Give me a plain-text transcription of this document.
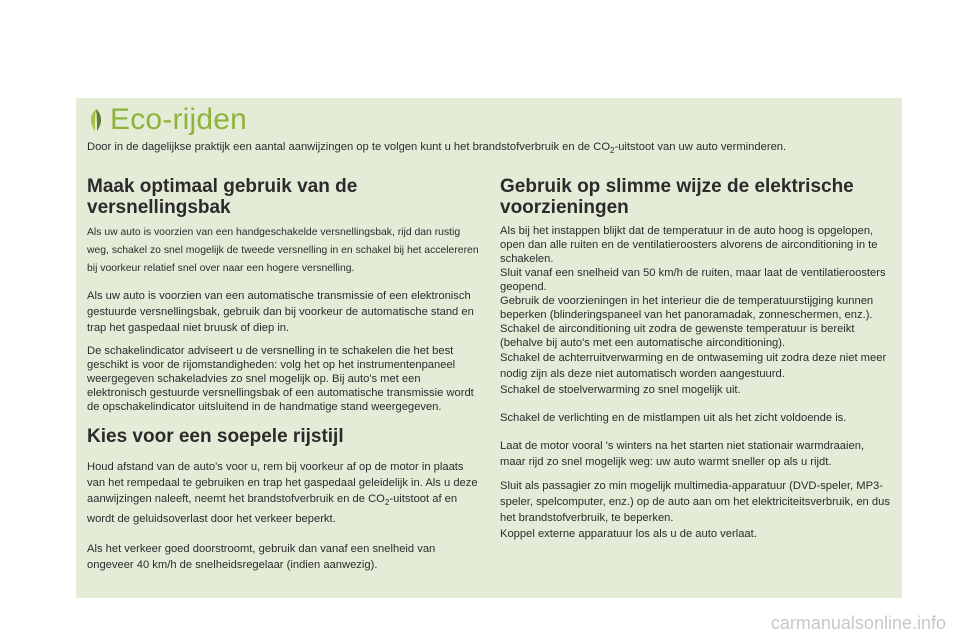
Eco-rijden

Door in de dagelijkse praktijk een aantal aanwijzingen op te volgen kunt u het brandstofverbruik en de $CO_2$-uitstoot van uw auto verminderen.

Maak optimaal gebruik van de versnellingsbak

Als uw auto is voorzien van een handgeschakelde versnellingsbak, rijd dan rustig weg, schakel zo snel mogelijk de tweede versnelling in en schakel bij het accelereren bij voorkeur relatief snel over naar een hogere versnelling.

Als uw auto is voorzien van een automatische transmissie of een elektronisch gestuurde versnellingsbak, gebruik dan bij voorkeur de automatische stand en trap het gaspedaal niet bruusk of diep in.

De schakelindicator adviseert u de versnelling in te schakelen die het best geschikt is voor de rijomstandigheden: volg het op het instrumentenpaneel weergegeven schakeladvies zo snel mogelijk op. Bij auto's met een elektronisch gestuurde versnellingsbak of een automatische transmissie wordt de opschakelindicator uitsluitend in de handmatige stand weergegeven.

Kies voor een soepele rijstijl

Houd afstand van de auto's voor u, rem bij voorkeur af op de motor in plaats van het rempedaal te gebruiken en trap het gaspedaal geleidelijk in. Als u deze aanwijzingen naleeft, neemt het brandstofverbruik en de $CO_2$-uitstoot af en wordt de geluidsoverlast door het verkeer beperkt.

Als het verkeer goed doorstroomt, gebruik dan vanaf een snelheid van ongeveer 40 km/h de snelheidsregelaar (indien aanwezig).

Gebruik op slimme wijze de elektrische voorzieningen

Als bij het instappen blijkt dat de temperatuur in de auto hoog is opgelopen, open dan alle ruiten en de ventilatieroosters alvorens de airconditioning in te schakelen.

Sluit vanaf een snelheid van 50 km/h de ruiten, maar laat de ventilatieroosters geopend.

Gebruik de voorzieningen in het interieur die de temperatuurstijging kunnen beperken (blinderingspaneel van het panoramadak, zonneschermen, enz.).

Schakel de airconditioning uit zodra de gewenste temperatuur is bereikt (behalve bij auto's met een automatische airconditioning).

Schakel de achterruitverwarming en de ontwaseming uit zodra deze niet meer nodig zijn als deze niet automatisch worden aangestuurd.

Schakel de stoelverwarming zo snel mogelijk uit.

Schakel de verlichting en de mistlampen uit als het zicht voldoende is.

Laat de motor vooral 's winters na het starten niet stationair warmdraaien, maar rijd zo snel mogelijk weg: uw auto warmt sneller op als u rijdt.

Sluit als passagier zo min mogelijk multimedia-apparatuur (DVD-speler, MP3-speler, spelcomputer, enz.) op de auto aan om het elektriciteitsverbruik, en dus het brandstofverbruik, te beperken.

Koppel externe apparatuur los als u de auto verlaat.

carmanualsonline.info
